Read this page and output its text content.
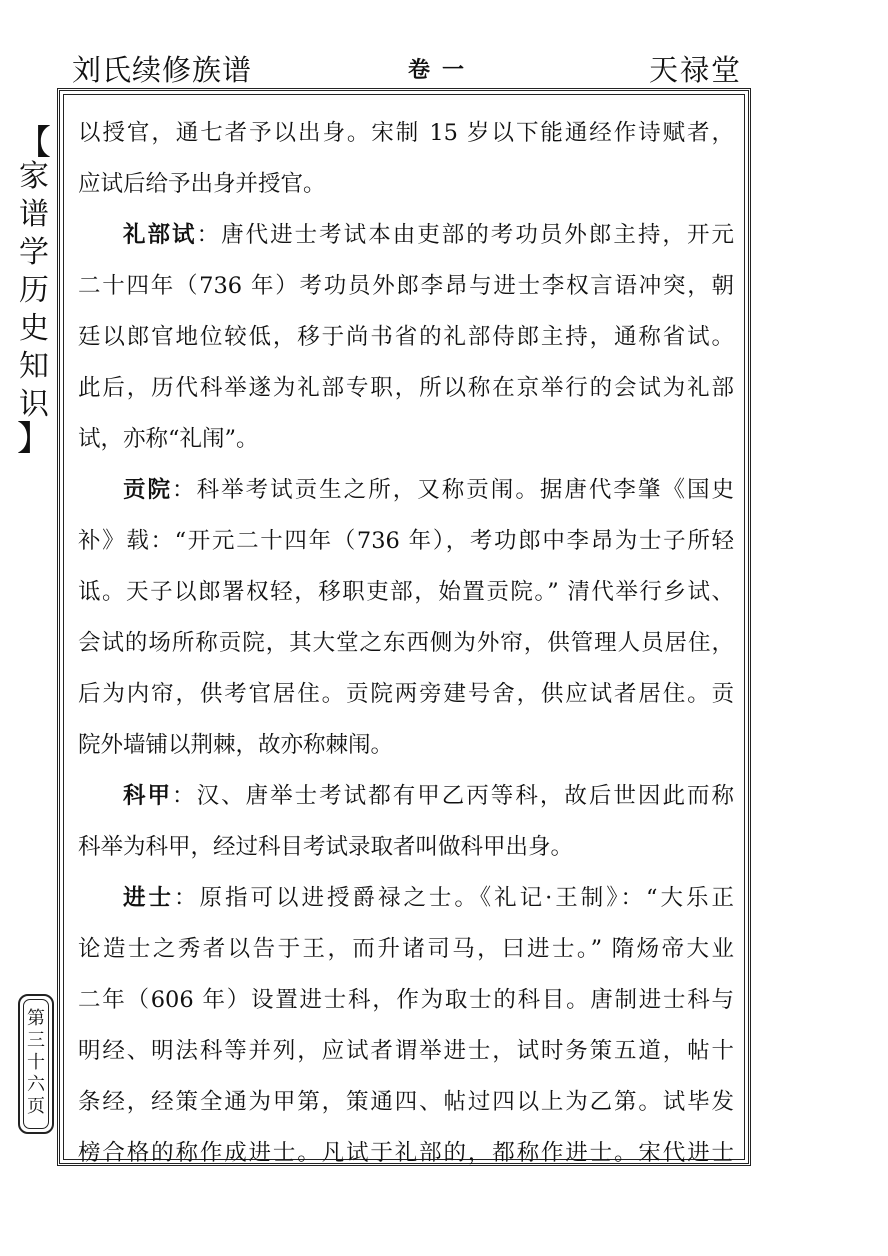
刘氏续修族谱	卷一	天禄堂
【
家
谱
学
历
史
知
识
】
第
三
十
六
页
以授官，通七者予以出身。宋制 15 岁以下能通经作诗赋者，
应试后给予出身并授官。
礼部试：唐代进士考试本由吏部的考功员外郎主持，开元
二十四年（736 年）考功员外郎李昂与进士李权言语冲突，朝
廷以郎官地位较低，移于尚书省的礼部侍郎主持，通称省试。
此后，历代科举遂为礼部专职，所以称在京举行的会试为礼部
试，亦称“礼闱”。
贡院：科举考试贡生之所，又称贡闱。据唐代李肇《国史
补》载：“开元二十四年（736 年），考功郎中李昂为士子所轻
诋。天子以郎署权轻，移职吏部，始置贡院。” 清代举行乡试、
会试的场所称贡院，其大堂之东西侧为外帘，供管理人员居住，
后为内帘，供考官居住。贡院两旁建号舍，供应试者居住。贡
院外墙铺以荆棘，故亦称棘闱。
科甲：汉、唐举士考试都有甲乙丙等科，故后世因此而称
科举为科甲，经过科目考试录取者叫做科甲出身。
进士：原指可以进授爵禄之士。《礼记·王制》：“大乐正
论造士之秀者以告于王，而升诸司马，曰进士。” 隋炀帝大业
二年（606 年）设置进士科，作为取士的科目。唐制进士科与
明经、明法科等并列，应试者谓举进士，试时务策五道，帖十
条经，经策全通为甲第，策通四、帖过四以上为乙第。试毕发
榜合格的称作成进士。凡试于礼部的，都称作进士。宋代进士
